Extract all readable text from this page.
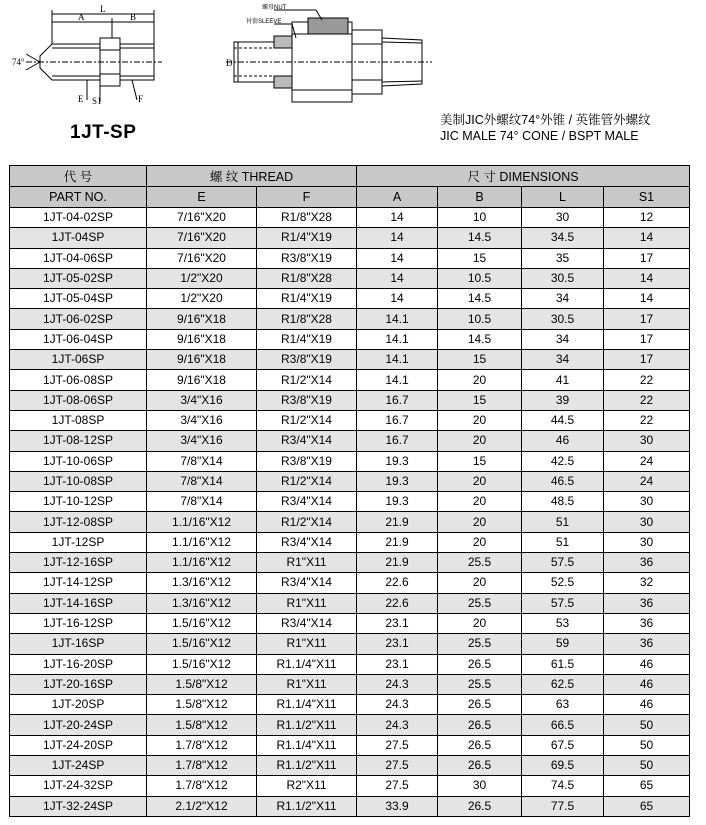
L
A	B
74°
E S1	F
螺母NUT
衬套SLEEVE
D
1JT-SP
美制JIC外螺纹74°外锥 / 英锥管外螺纹
JIC MALE 74° CONE / BSPT MALE
代 号	螺 纹 THREAD		尺 寸 DIMENSIONS			
PART NO.	E	F	A	B	L	S1
1JT-04-02SP	7/16"X20	R1/8"X28	14	10	30	12
1JT-04SP	7/16"X20	R1/4"X19	14	14.5	34.5	14
1JT-04-06SP	7/16"X20	R3/8"X19	14	15	35	17
1JT-05-02SP	1/2"X20	R1/8"X28	14	10.5	30.5	14
1JT-05-04SP	1/2"X20	R1/4"X19	14	14.5	34	14
1JT-06-02SP	9/16"X18	R1/8"X28	14.1	10.5	30.5	17
1JT-06-04SP	9/16"X18	R1/4"X19	14.1	14.5	34	17
1JT-06SP	9/16"X18	R3/8"X19	14.1	15	34	17
1JT-06-08SP	9/16"X18	R1/2"X14	14.1	20	41	22
1JT-08-06SP	3/4"X16	R3/8"X19	16.7	15	39	22
1JT-08SP	3/4"X16	R1/2"X14	16.7	20	44.5	22
1JT-08-12SP	3/4"X16	R3/4"X14	16.7	20	46	30
1JT-10-06SP	7/8"X14	R3/8"X19	19.3	15	42.5	24
1JT-10-08SP	7/8"X14	R1/2"X14	19.3	20	46.5	24
1JT-10-12SP	7/8"X14	R3/4"X14	19.3	20	48.5	30
1JT-12-08SP	1.1/16"X12	R1/2"X14	21.9	20	51	30
1JT-12SP	1.1/16"X12	R3/4"X14	21.9	20	51	30
1JT-12-16SP	1.1/16"X12	R1"X11	21.9	25.5	57.5	36
1JT-14-12SP	1.3/16"X12	R3/4"X14	22.6	20	52.5	32
1JT-14-16SP	1.3/16"X12	R1"X11	22.6	25.5	57.5	36
1JT-16-12SP	1.5/16"X12	R3/4"X14	23.1	20	53	36
1JT-16SP	1.5/16"X12	R1"X11	23.1	25.5	59	36
1JT-16-20SP	1.5/16"X12	R1.1/4"X11	23.1	26.5	61.5	46
1JT-20-16SP	1.5/8"X12	R1"X11	24.3	25.5	62.5	46
1JT-20SP	1.5/8"X12	R1.1/4"X11	24.3	26.5	63	46
1JT-20-24SP	1.5/8"X12	R1.1/2"X11	24.3	26.5	66.5	50
1JT-24-20SP	1.7/8"X12	R1.1/4"X11	27.5	26.5	67.5	50
1JT-24SP	1.7/8"X12	R1.1/2"X11	27.5	26.5	69.5	50
1JT-24-32SP	1.7/8"X12	R2"X11	27.5	30	74.5	65
1JT-32-24SP	2.1/2"X12	R1.1/2"X11	33.9	26.5	77.5	65
